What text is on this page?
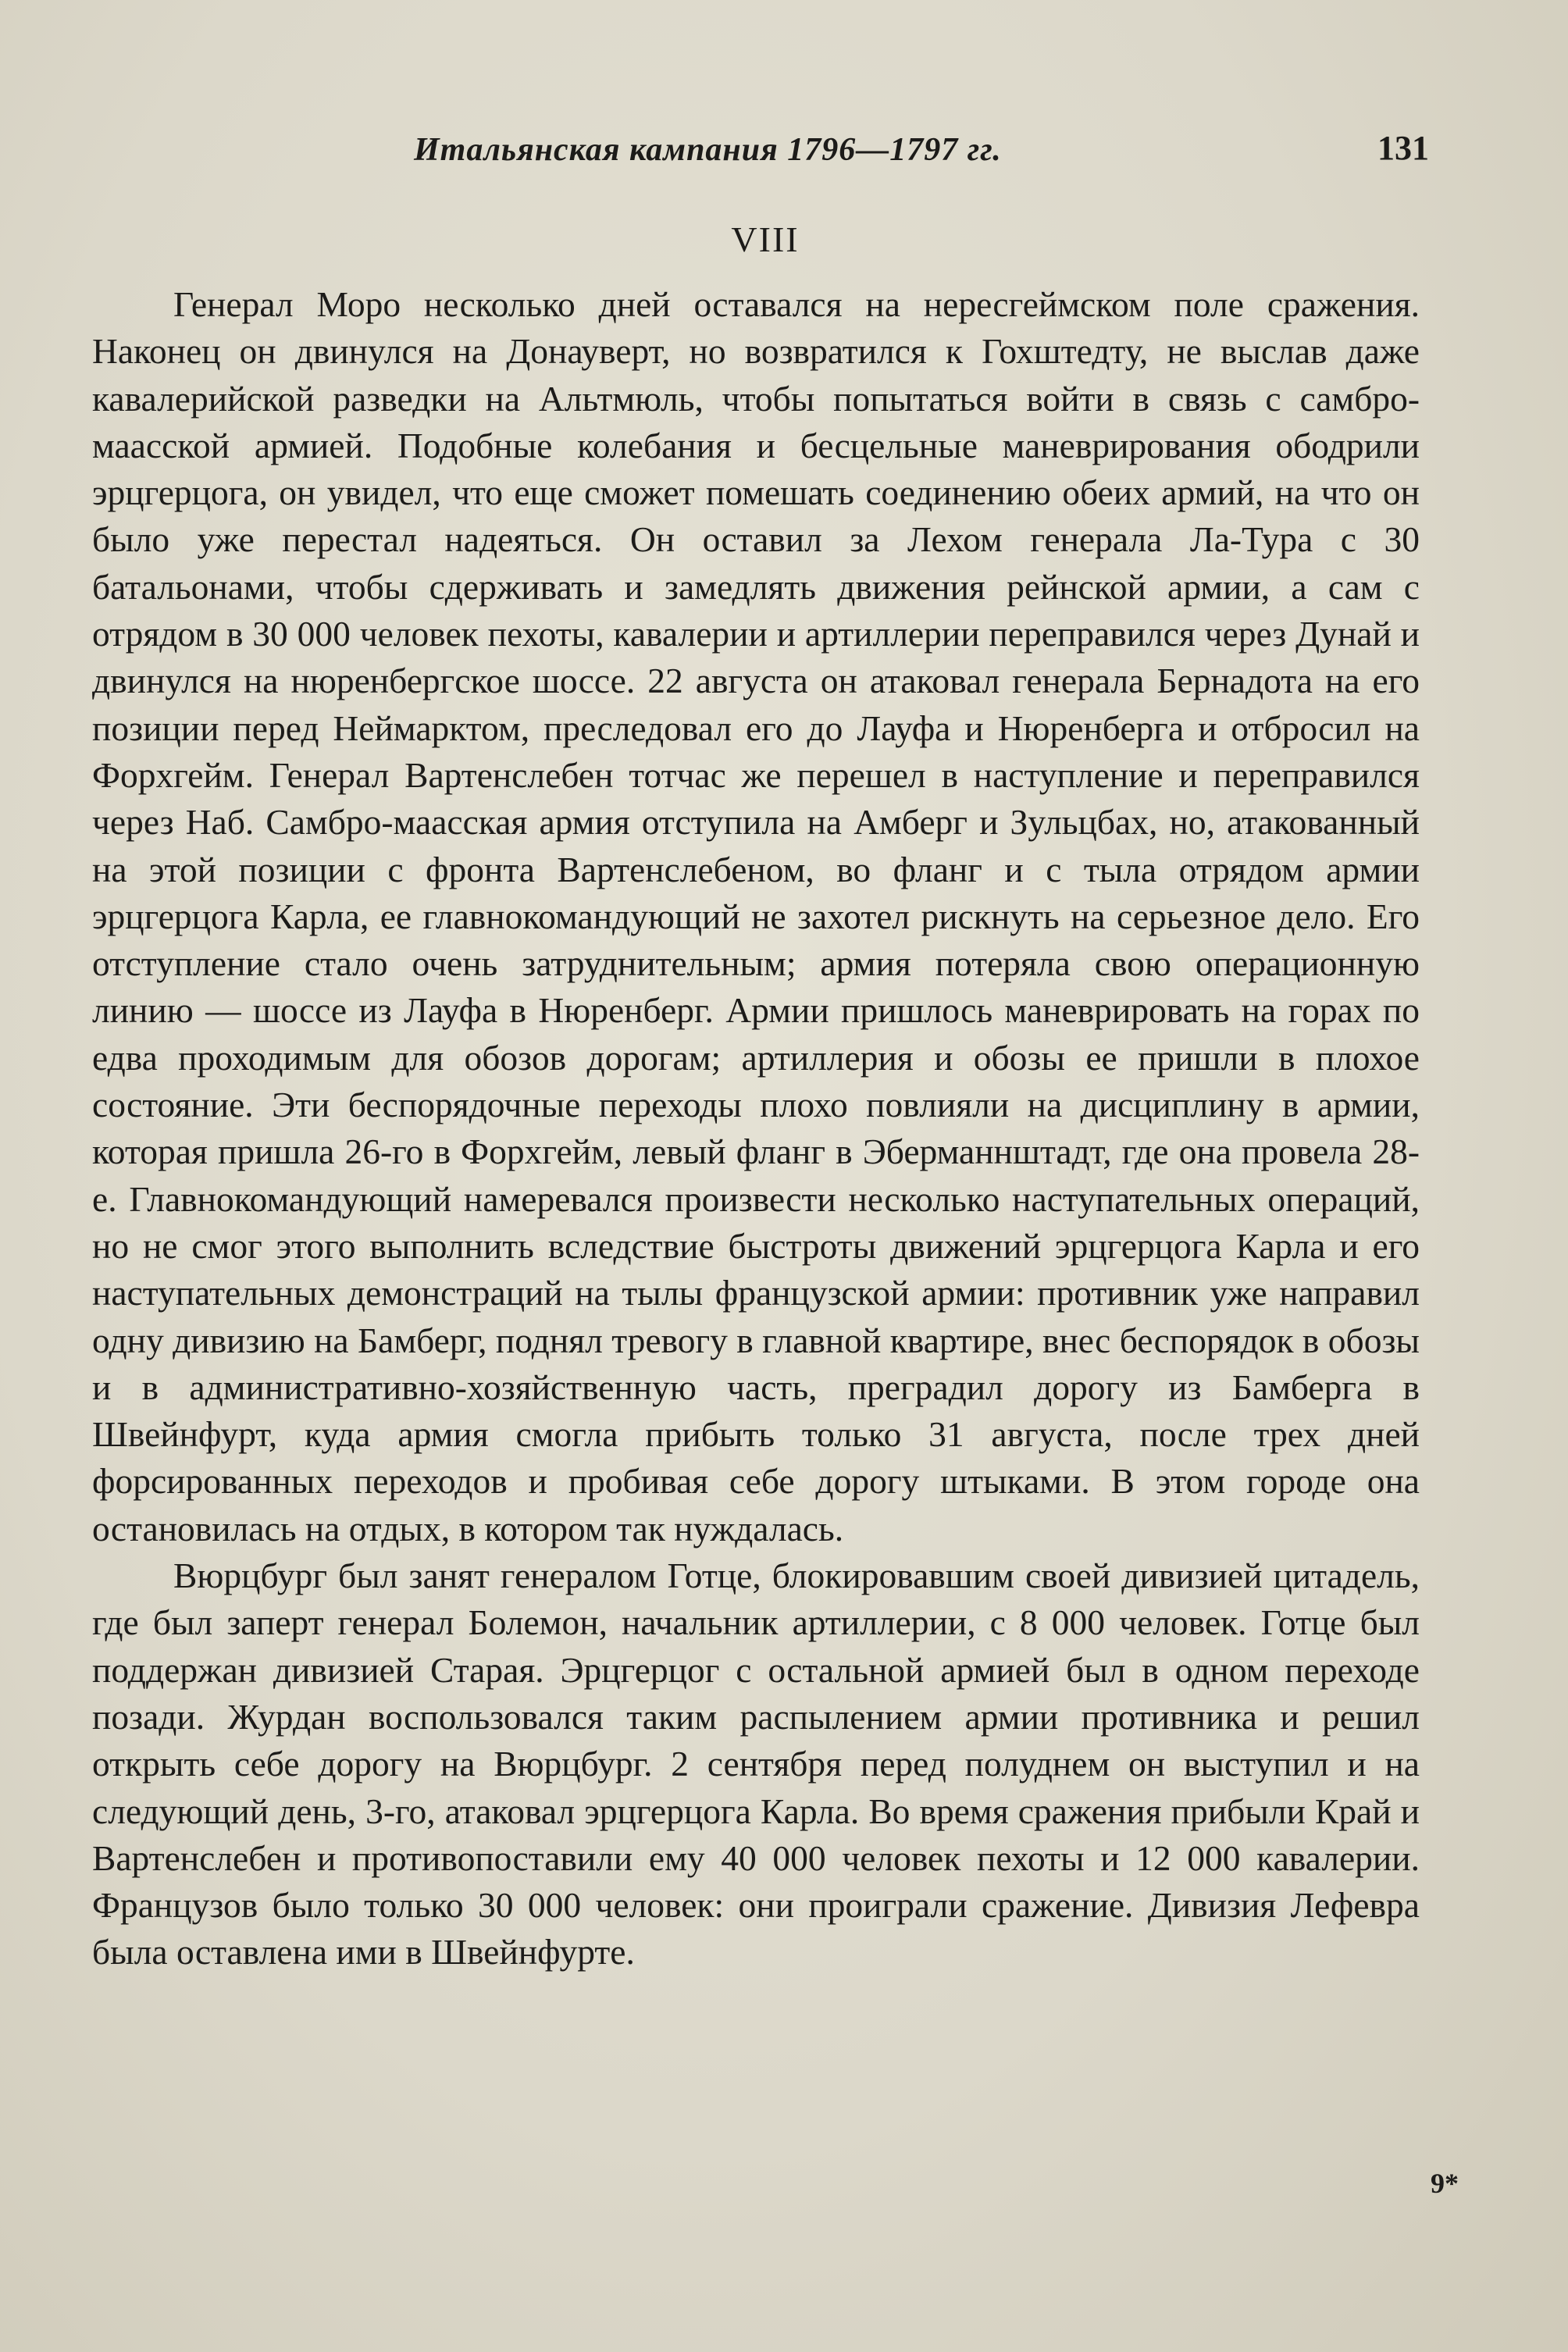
Итальянская кампания 1796—1797 гг.	131
VIII

Генерал Моро несколько дней оставался на нересгеймском поле сражения. Наконец он двинулся на Донауверт, но возвратился к Гохштедту, не выслав даже кавалерийской разведки на Альтмюль, чтобы попытаться войти в связь с самбро-маасской армией. Подобные колебания и бесцельные маневрирования ободрили эрцгерцога, он увидел, что еще сможет помешать соединению обеих армий, на что он было уже перестал надеяться. Он оставил за Лехом генерала Ла-Тура с 30 батальонами, чтобы сдерживать и замедлять движения рейнской армии, а сам с отрядом в 30 000 человек пехоты, кавалерии и артиллерии переправился через Дунай и двинулся на нюренбергское шоссе. 22 августа он атаковал генерала Бернадота на его позиции перед Неймарктом, преследовал его до Лауфа и Нюренберга и отбросил на Форхгейм. Генерал Вартенслебен тотчас же перешел в наступление и переправился через Наб. Самбро-маасская армия отступила на Амберг и Зульцбах, но, атакованный на этой позиции с фронта Вартенслебеном, во фланг и с тыла отрядом армии эрцгерцога Карла, ее главнокомандующий не захотел рискнуть на серьезное дело. Его отступление стало очень затруднительным; армия потеряла свою операционную линию — шоссе из Лауфа в Нюренберг. Армии пришлось маневрировать на горах по едва проходимым для обозов дорогам; артиллерия и обозы ее пришли в плохое состояние. Эти беспорядочные переходы плохо повлияли на дисциплину в армии, которая пришла 26-го в Форхгейм, левый фланг в Эберманнштадт, где она провела 28-е. Главнокомандующий намеревался произвести несколько наступательных операций, но не смог этого выполнить вследствие быстроты движений эрцгерцога Карла и его наступательных демонстраций на тылы французской армии: противник уже направил одну дивизию на Бамберг, поднял тревогу в главной квартире, внес беспорядок в обозы и в административно-хозяйственную часть, преградил дорогу из Бамберга в Швейнфурт, куда армия смогла прибыть только 31 августа, после трех дней форсированных переходов и пробивая себе дорогу штыками. В этом городе она остановилась на отдых, в котором так нуждалась.

Вюрцбург был занят генералом Готце, блокировавшим своей дивизией цитадель, где был заперт генерал Болемон, начальник артиллерии, с 8 000 человек. Готце был поддержан дивизией Старая. Эрцгерцог с остальной армией был в одном переходе позади. Журдан воспользовался таким распылением армии противника и решил открыть себе дорогу на Вюрцбург. 2 сентября перед полуднем он выступил и на следующий день, 3-го, атаковал эрцгерцога Карла. Во время сражения прибыли Край и Вартенслебен и противопоставили ему 40 000 человек пехоты и 12 000 кавалерии. Французов было только 30 000 человек: они проиграли сражение. Дивизия Лефевра была оставлена ими в Швейнфурте.

9*
